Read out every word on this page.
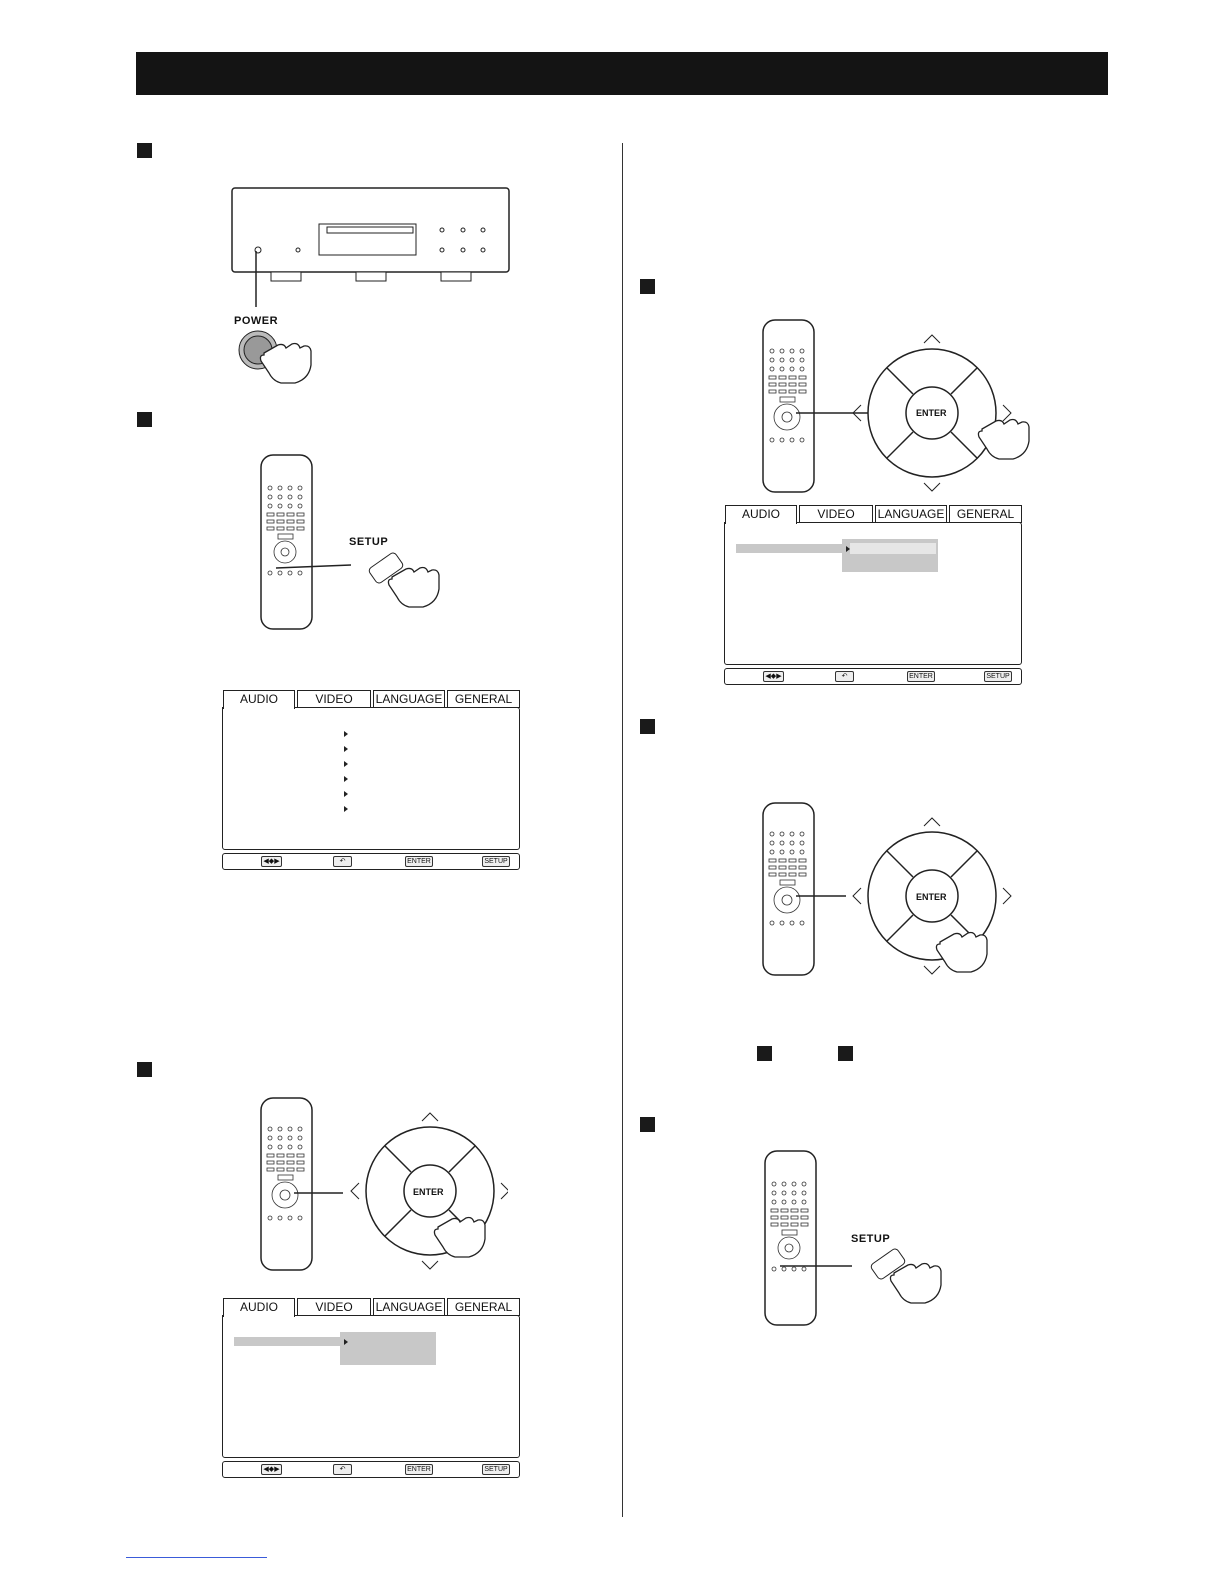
POWER
SETUP
AUDIO	VIDEO	LANGUAGE	GENERAL
◀◆▶	↶	ENTER	SETUP
ENTER
AUDIO	VIDEO	LANGUAGE	GENERAL
◀◆▶	↶	ENTER	SETUP
ENTER
AUDIO	VIDEO	LANGUAGE	GENERAL
◀◆▶	↶	ENTER	SETUP
ENTER
SETUP
